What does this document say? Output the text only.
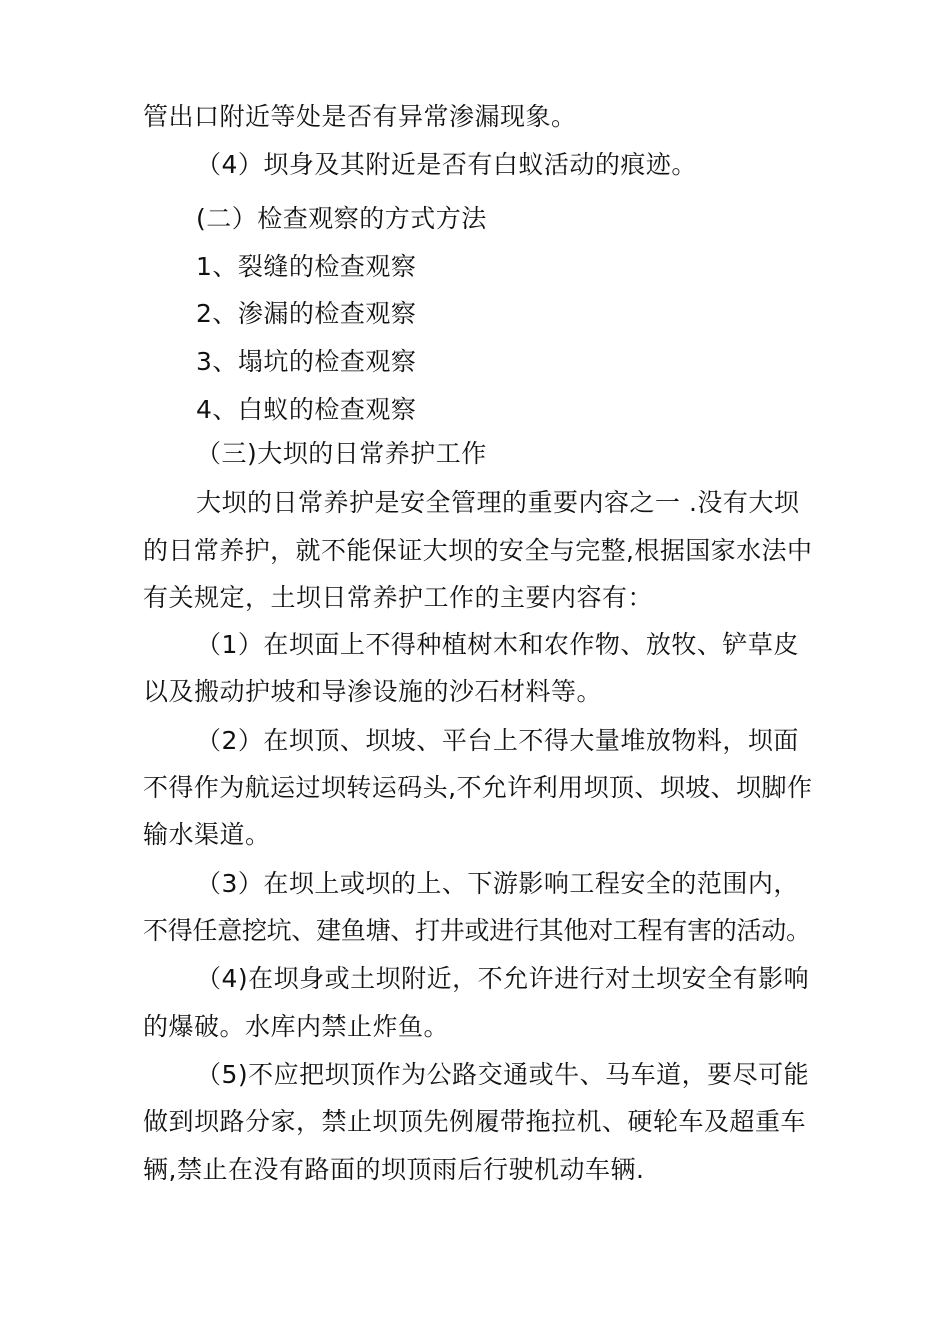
管出口附近等处是否有异常渗漏现象。
（4）坝身及其附近是否有白蚁活动的痕迹。
(二）检查观察的方式方法
1、裂缝的检查观察
2、渗漏的检查观察
3、塌坑的检查观察
4、白蚁的检查观察
（三)大坝的日常养护工作
大坝的日常养护是安全管理的重要内容之一 .没有大坝
的日常养护，就不能保证大坝的安全与完整,根据国家水法中
有关规定，土坝日常养护工作的主要内容有：
（1）在坝面上不得种植树木和农作物、放牧、铲草皮
以及搬动护坡和导渗设施的沙石材料等。
（2）在坝顶、坝坡、平台上不得大量堆放物料，坝面
不得作为航运过坝转运码头,不允许利用坝顶、坝坡、坝脚作
输水渠道。
（3）在坝上或坝的上、下游影响工程安全的范围内，
不得任意挖坑、建鱼塘、打井或进行其他对工程有害的活动。
（4)在坝身或土坝附近，不允许进行对土坝安全有影响
的爆破。水库内禁止炸鱼。
（5)不应把坝顶作为公路交通或牛、马车道，要尽可能
做到坝路分家，禁止坝顶先例履带拖拉机、硬轮车及超重车
辆,禁止在没有路面的坝顶雨后行驶机动车辆.
